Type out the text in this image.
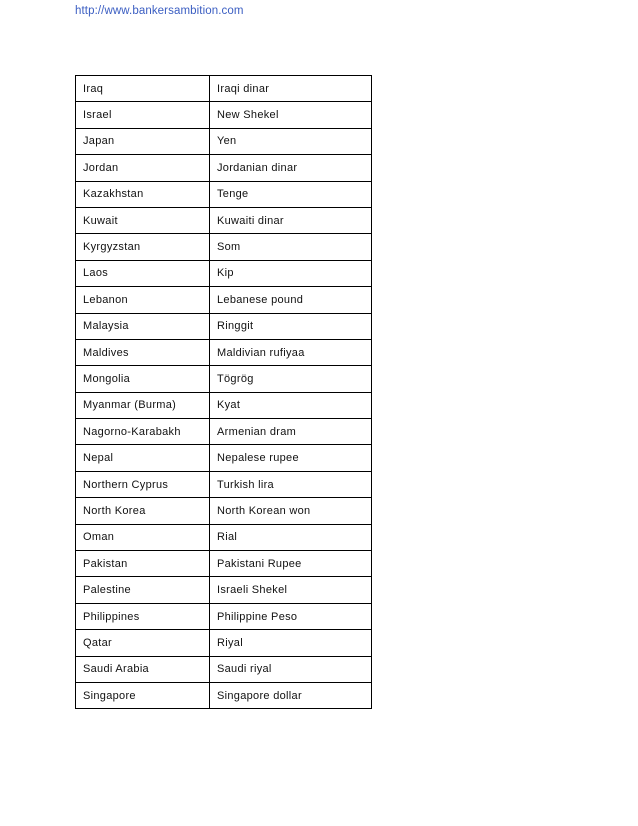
http://www.bankersambition.com
Iraq	Iraqi dinar
Israel	New Shekel
Japan	Yen
Jordan	Jordanian dinar
Kazakhstan	Tenge
Kuwait	Kuwaiti dinar
Kyrgyzstan	Som
Laos	Kip
Lebanon	Lebanese pound
Malaysia	Ringgit
Maldives	Maldivian rufiyaa
Mongolia	Tögrög
Myanmar (Burma)	Kyat
Nagorno-Karabakh	Armenian dram
Nepal	Nepalese rupee
Northern Cyprus	Turkish lira
North Korea	North Korean won
Oman	Rial
Pakistan	Pakistani Rupee
Palestine	Israeli Shekel
Philippines	Philippine Peso
Qatar	Riyal
Saudi Arabia	Saudi riyal
Singapore	Singapore dollar
